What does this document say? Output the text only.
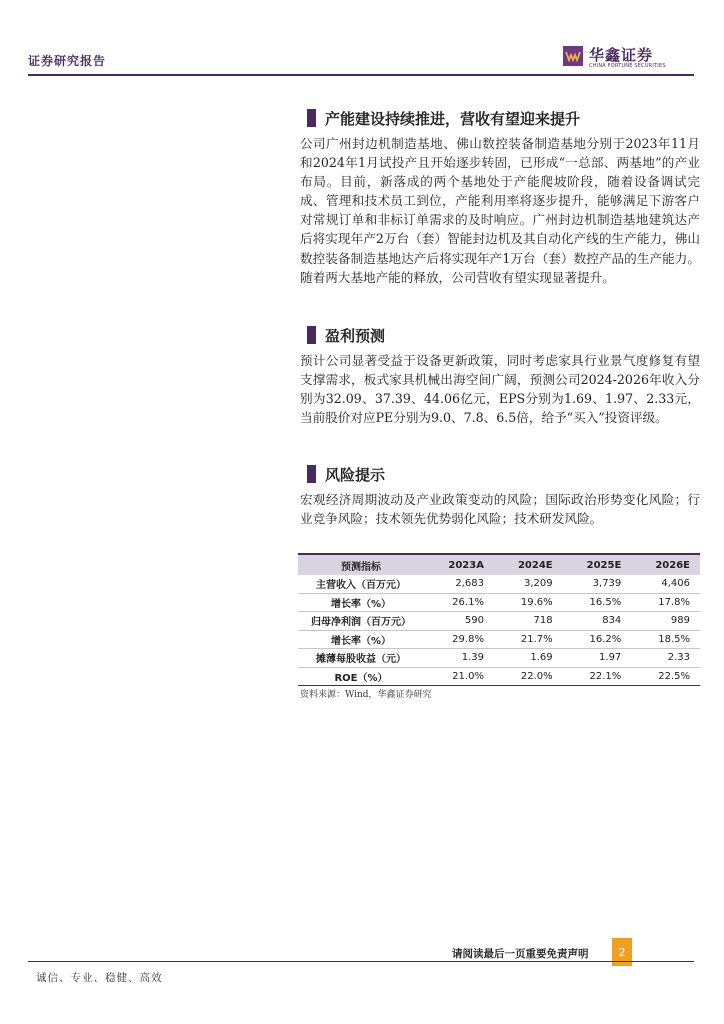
证券研究报告	华鑫证券
CHINA FORTUNE SECURITIES
产能建设持续推进，营收有望迎来提升
公司广州封边机制造基地、佛山数控装备制造基地分别于2023年11月和2024年1月试投产且开始逐步转固，已形成“一总部、两基地”的产业布局。目前，新落成的两个基地处于产能爬坡阶段，随着设备调试完成、管理和技术员工到位，产能利用率将逐步提升，能够满足下游客户对常规订单和非标订单需求的及时响应。广州封边机制造基地建筑达产后将实现年产2万台（套）智能封边机及其自动化产线的生产能力，佛山数控装备制造基地达产后将实现年产1万台（套）数控产品的生产能力。随着两大基地产能的释放，公司营收有望实现显著提升。
盈利预测
预计公司显著受益于设备更新政策，同时考虑家具行业景气度修复有望支撑需求，板式家具机械出海空间广阔，预测公司2024-2026年收入分别为32.09、37.39、44.06亿元，EPS分别为1.69、1.97、2.33元，当前股价对应PE分别为9.0、7.8、6.5倍，给予“买入”投资评级。
风险提示
宏观经济周期波动及产业政策变动的风险；国际政治形势变化风险；行业竞争风险；技术领先优势弱化风险；技术研发风险。
预测指标	2023A	2024E	2025E	2026E
主营收入（百万元）	2,683	3,209	3,739	4,406
增长率（%）	26.1%	19.6%	16.5%	17.8%
归母净利润（百万元）	590	718	834	989
增长率（%）	29.8%	21.7%	16.2%	18.5%
摊薄每股收益（元）	1.39	1.69	1.97	2.33
ROE（%）	21.0%	22.0%	22.1%	22.5%
资料来源：Wind，华鑫证券研究
请阅读最后一页重要免责声明	2
诚信、专业、稳健、高效
